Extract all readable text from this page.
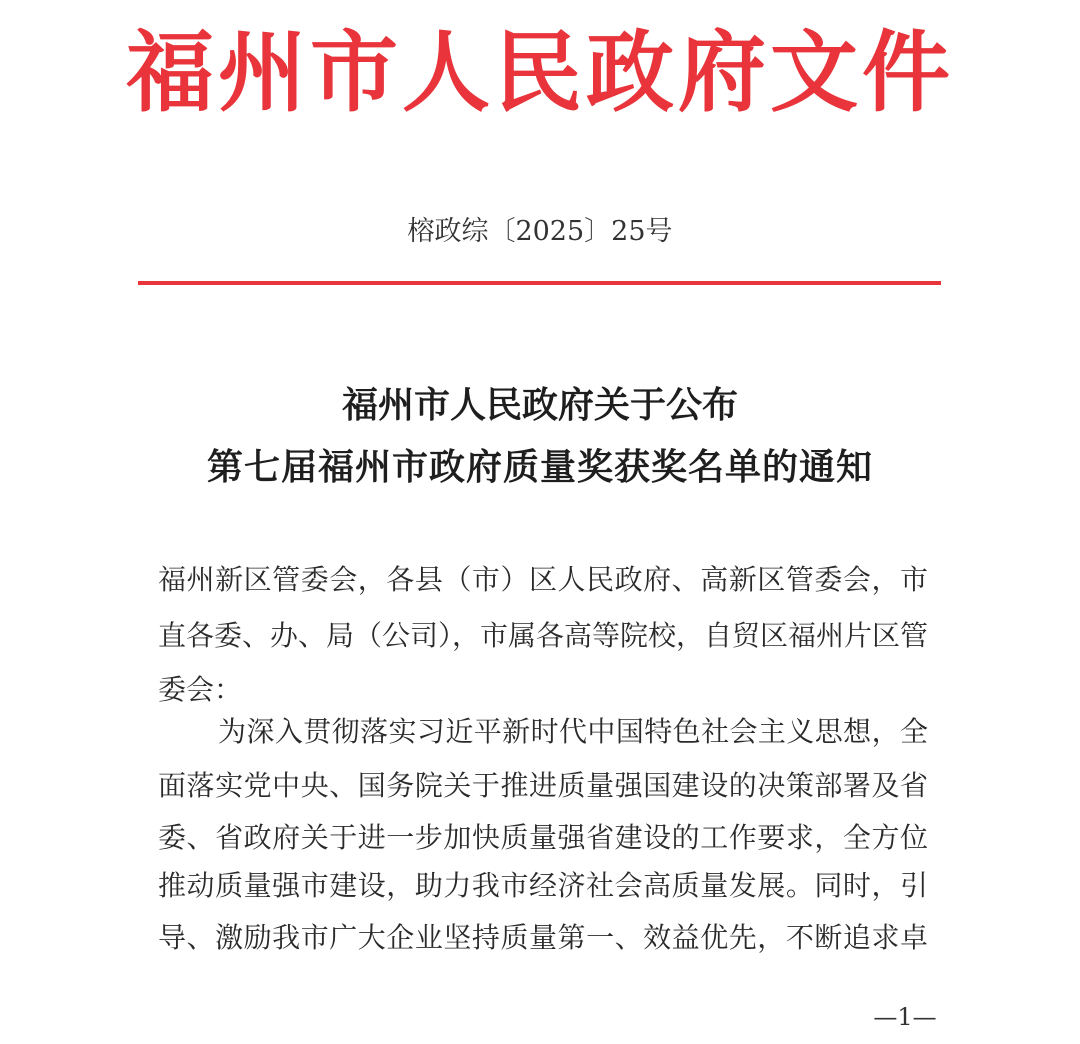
福州市人民政府文件
榕政综〔2025〕25号
福州市人民政府关于公布
第七届福州市政府质量奖获奖名单的通知
福州新区管委会，各县（市）区人民政府、高新区管委会，市
直各委、办、局（公司），市属各高等院校，自贸区福州片区管
委会：
为深入贯彻落实习近平新时代中国特色社会主义思想，全
面落实党中央、国务院关于推进质量强国建设的决策部署及省
委、省政府关于进一步加快质量强省建设的工作要求，全方位
推动质量强市建设，助力我市经济社会高质量发展。同时，引
导、激励我市广大企业坚持质量第一、效益优先，不断追求卓
—1—
